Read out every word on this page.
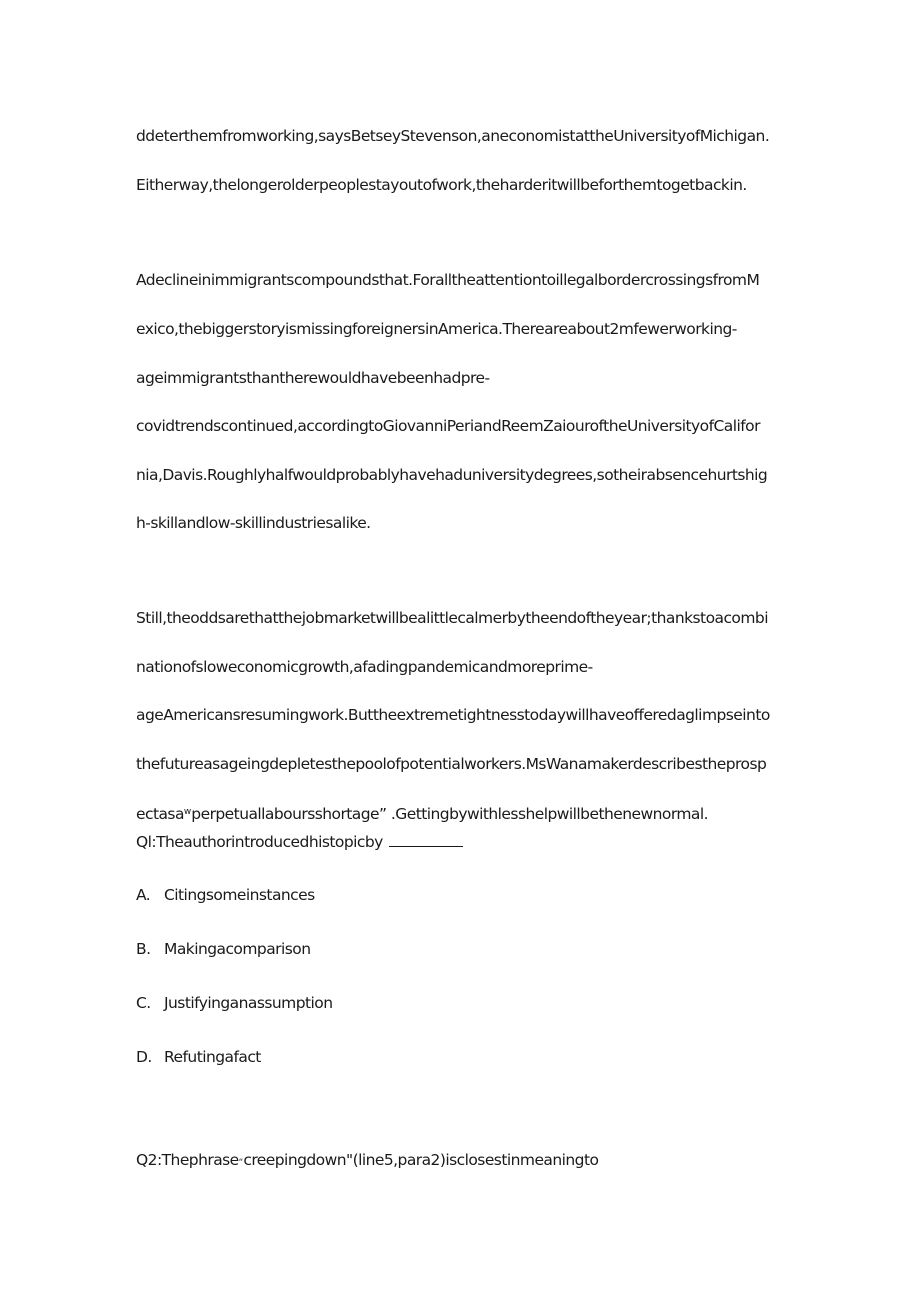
ddeterthemfromworking,saysBetseyStevenson,aneconomistattheUniversityofMichigan.
Eitherway,thelongerolderpeoplestayoutofwork,theharderitwillbeforthemtogetbackin.
Adeclineinimmigrantscompoundsthat.ForalltheattentiontoillegalbordercrossingsfromM
exico,thebiggerstoryismissingforeignersinAmerica.Thereareabout2mfewerworking-
ageimmigrantsthantherewouldhavebeenhadpre-
covidtrendscontinued,accordingtoGiovanniPeriandReemZaiouroftheUniversityofCalifor
nia,Davis.Roughlyhalfwouldprobablyhavehaduniversitydegrees,sotheirabsencehurtshig
h-skillandlow-skillindustriesalike.
Still,theoddsarethatthejobmarketwillbealittlecalmerbytheendoftheyear;thankstoacombi
nationofsloweconomicgrowth,afadingpandemicandmoreprime-
ageAmericansresumingwork.Buttheextremetightnesstodaywillhaveofferedaglimpseinto
thefutureasageingdepletesthepoolofpotentialworkers.MsWanamakerdescribestheprosp
ectasa$^w$perpetuallaboursshortage” .Gettingbywithlesshelpwillbethenewnormal.
Ql:Theauthorintroducedhistopicby
A. Citingsomeinstances
B. Makingacomparison
C. Justifyinganassumption
D. Refutingafact
Q2:Thephrase“creepingdown"(line5,para2)isclosestinmeaningto
